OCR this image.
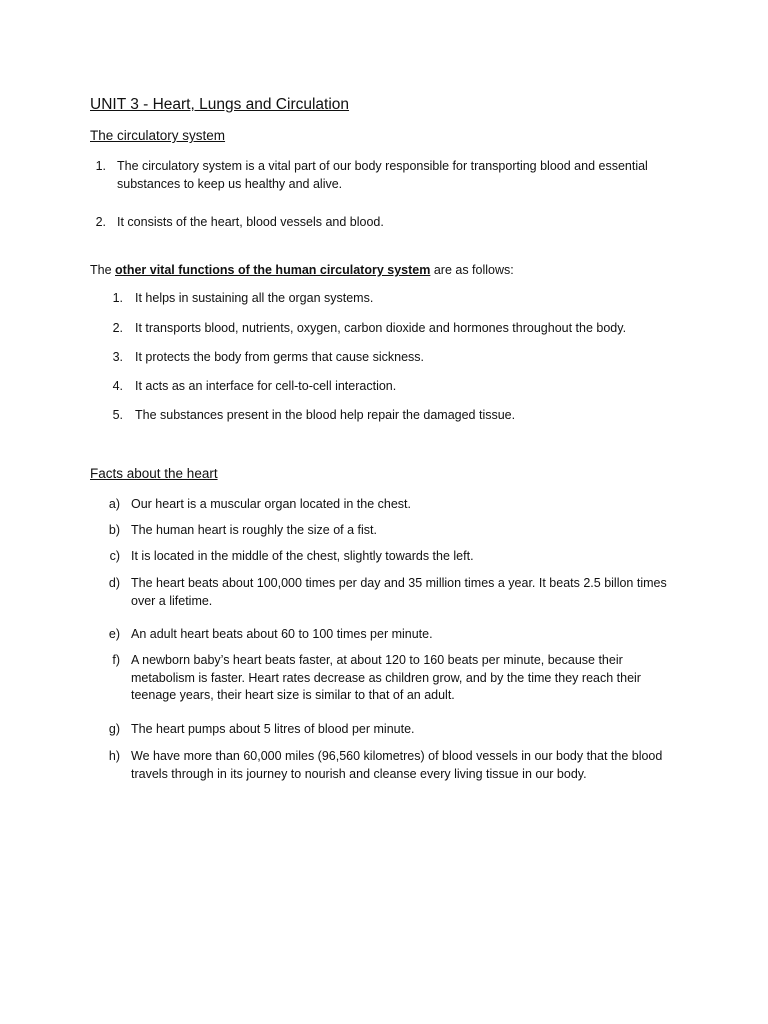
UNIT 3 - Heart, Lungs and Circulation
The circulatory system
1. The circulatory system is a vital part of our body responsible for transporting blood and essential substances to keep us healthy and alive.
2. It consists of the heart, blood vessels and blood.
The other vital functions of the human circulatory system are as follows:
1. It helps in sustaining all the organ systems.
2. It transports blood, nutrients, oxygen, carbon dioxide and hormones throughout the body.
3. It protects the body from germs that cause sickness.
4. It acts as an interface for cell-to-cell interaction.
5. The substances present in the blood help repair the damaged tissue.
Facts about the heart
a) Our heart is a muscular organ located in the chest.
b) The human heart is roughly the size of a fist.
c) It is located in the middle of the chest, slightly towards the left.
d) The heart beats about 100,000 times per day and 35 million times a year. It beats 2.5 billon times over a lifetime.
e) An adult heart beats about 60 to 100 times per minute.
f) A newborn baby’s heart beats faster, at about 120 to 160 beats per minute, because their metabolism is faster. Heart rates decrease as children grow, and by the time they reach their teenage years, their heart size is similar to that of an adult.
g) The heart pumps about 5 litres of blood per minute.
h) We have more than 60,000 miles (96,560 kilometres) of blood vessels in our body that the blood travels through in its journey to nourish and cleanse every living tissue in our body.
